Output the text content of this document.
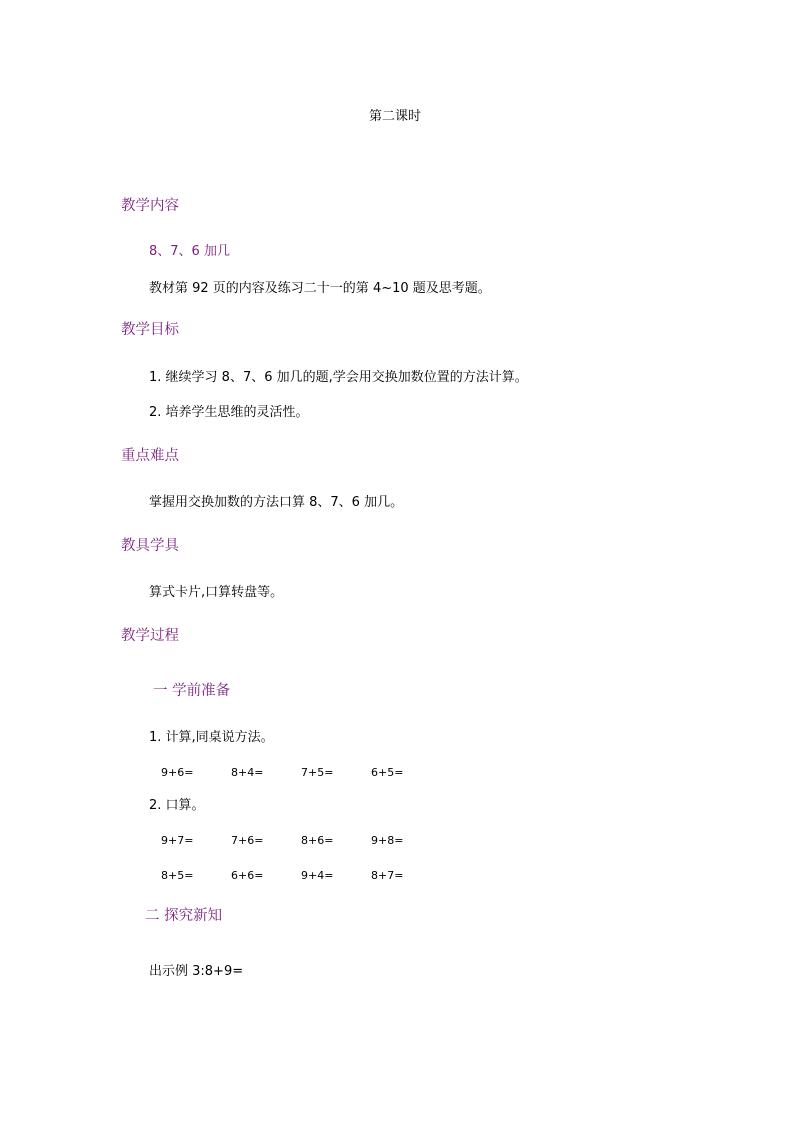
第二课时
教学内容
8、7、6 加几
教材第 92 页的内容及练习二十一的第 4~10 题及思考题。
教学目标
1. 继续学习 8、7、6 加几的题,学会用交换加数位置的方法计算。
2. 培养学生思维的灵活性。
重点难点
掌握用交换加数的方法口算 8、7、6 加几。
教具学具
算式卡片,口算转盘等。
教学过程
一 学前准备
1. 计算,同桌说方法。
9+6=	8+4=	7+5=	6+5=
2. 口算。
9+7=	7+6=	8+6=	9+8=
8+5=	6+6=	9+4=	8+7=
二 探究新知
出示例 3:8+9=
